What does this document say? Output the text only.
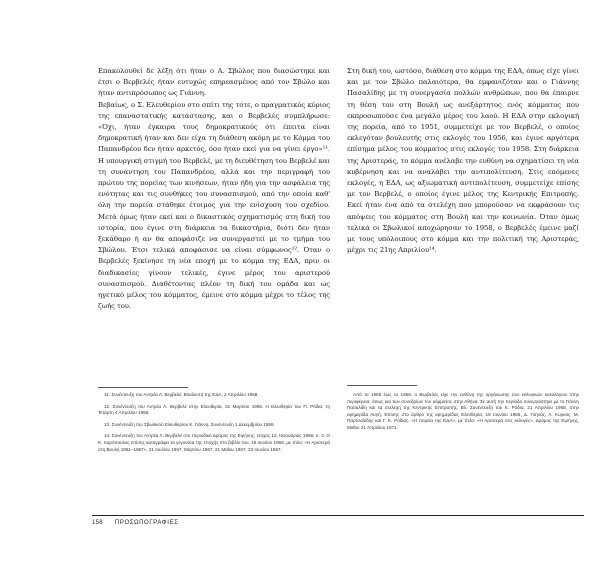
Επακολουθεί δε λέξη ότι ήταν ο Α. Σβώλος που διασώστηκε και έτσι ο Βερβελές ήταν ευτυχώς επηρεασμένος από τον Σβώλο και ήταν αντιπρόσωπος ως Γιάννη.

Βεβαίως, ο Σ. Ελευθερίου στο σπίτι της τότε, ο πραγματικός κύριος της επαναστατικής κατάστασης, και ο Βερβελές συμπλήρωσε: «Όχι, ήταν έγκαιρα τους δημοκρατικούς ότι έπειτα είναι δημοκρατική ήταν και δεν είχα τη διάθεση ακόμη με το Κόμμα του Παπανδρέου δεν ήταν αρκετός, όσο ήταν εκεί για να γίνει έργο»¹¹. Η υπουργική στιγμή του Βερβελέ, με τη διευθέτηση του Βερβελέ και τη συνάντηση του Παπανδρέου, αλλά και την περιγραφή του πρώτου της πορείας των κινήσεων, ήταν ήδη για την ασφάλεια της ενότητας και τις συνθήκες του συνασπισμού, από την οποία καθ' όλη την πορεία στάθηκε έτοιμος για την ενίσχυση του σχεδίου. Μετά όμως ήταν εκεί και ο δικαστικός σχηματισμός στη δική του ιστορία, που έγινε στη διάρκεια τα δικαστήρια, διότι δεν ήταν ξεκάθαρο ή αν θα αποφάσιζε να συνεργαστεί με το τμήμα του Σβώλου. Έτσι τελικά αποφάσισε να είναι σύμφωνος¹². Όταν ο Βερβελές ξεκίνησε τη νέα εποχή με το κόμμα της ΕΔΑ, πριν οι διαδικασίες γίνουν τελικές, έγινε μέρος του αριστερού συνασπισμού. Διαθέτοντας πλέον τη δική του ομάδα και ως ηγετικό μέλος του κόμματος, έμεινε στο κόμμα μέχρι το τέλος της ζωής του.

Στη δική του, ωστόσο, διάθεση στο κόμμα της ΕΔΑ, όπως είχε γίνει και με τον Σβώλο παλαιότερα, θα εμφανιζόταν και ο Γιάννης Πασαλίδης με τη συνεργασία πολλών ανθρώπων, που θα έπαιρνε τη θέση του στη Βουλή ως ανεξάρτητος ενός κόμματος που εκπροσωπούσε ένα μεγάλο μέρος του λαού. Η ΕΔΑ στην εκλογική της πορεία, από το 1951, συμμετείχε με τον Βερβελέ, ο οποίος εκλεγόταν βουλευτής στις εκλογές του 1956, και έγινε αργότερα επίσημα μέλος του κόμματος στις εκλογές του 1958. Στη διάρκεια της Αριστεράς, το κόμμα ανέλαβε την ευθύνη να σχηματίσει τη νέα κυβέρνηση και να αναλάβει την αντιπολίτευση. Στις επόμενες εκλογές, η ΕΔΑ, ως αξιωματική αντιπολίτευση, συμμετείχε επίσης με τον Βερβελέ, ο οποίος έγινε μέλος της Κεντρικής Επιτροπής. Εκεί ήταν ένα από τα στελέχη που μπορούσαν να εκφράσουν τις απόψεις του κόμματος στη Βουλή και την κοινωνία. Όταν όμως τελικά οι Σβωλικοί αποχώρησαν το 1958, ο Βερβελές έμεινε μαζί με τους υπόλοιπους στο κόμμα και την πολιτική της Αριστεράς, μέχρι τις 21ης Απριλίου¹⁴.

11. Συνέντευξη του Αντρέα Λ. Βερβελέ, Βουλευτή της ΕΔΑ, 2 Απριλίου 1958.

12. Συνέντευξη του Αντρέα Λ. Βερβελέ στην Ελευθερία, 31 Μαρτίου 1956. Η Ελευθερία του Π. Ρόδια, τη Τετάρτη 4 Απριλίου 1956.

13. Συνέντευξη του Σβωλικού Ελευθερίου Κ. Γιάννη, Συνέντευξη 1 Δεκεμβρίου 1956.

14. Συνέντευξη του Αντρέα Λ. Βερβελέ στο περιοδικό Δρόμος της Ειρήνης, τεύχος 12, Ιανουάριος 1958, σ. 4. Ο Κ. Χαρόπουλος επίσης καταγράφει τα γεγονότα της εποχής στο βιβλίο του, 18 Ιουνίου 1966, με τίτλο: «Η Αριστερά στη Βουλή 1951–1967», 21 Ιουλίου 1967, Μαρτίου 1967, 21 Μαΐου 1967, 23 Ιουνίου 1967.

Από το 1956 έως το 1958, ο Βερβελές είχε την ευθύνη της οργάνωσης των εκλογικών καταλόγων στην περιφέρεια, όπως και των συνεδρίων του κόμματος στην Αθήνα. Σε αυτή την περίοδο συνεργάστηκε με το Γιάννη Πασαλίδη και τα στελέχη της Κεντρικής Επιτροπής. Βλ. Συνέντευξη του Κ. Ρόδια, 21 Απριλίου 1958, στην εφημερίδα Αυγή. Επίσης στο άρθρο της εφημερίδας Ελευθερία, 18 Ιουνίου 1966, Δ. Γληνός, Λ. Κυρκος, Μ. Παρτσαλίδης και Γ. Κ. Ρόδιας, «Η πορεία της ΕΔΑ», με τίτλο: «Η Αριστερά στις εκλογές», Δρόμος της Ειρήνης, Μαΐου 21 Απριλίου 1971.

158 ΠΡΟΣΩΠΟΓΡΑΦΙΕΣ
